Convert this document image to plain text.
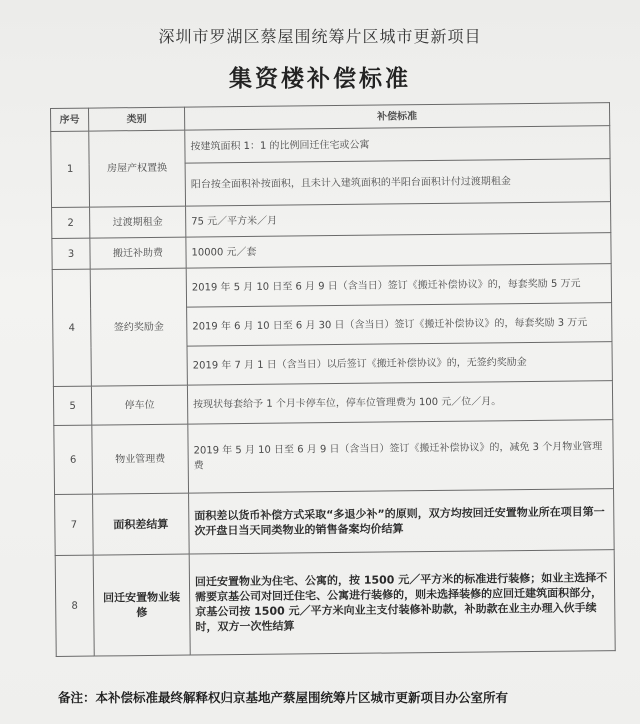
深圳市罗湖区蔡屋围统筹片区城市更新项目
集资楼补偿标准
序号	类别	补偿标准
1	房屋产权置换	按建筑面积 1：1 的比例回迁住宅或公寓
		阳台按全面积补按面积，且未计入建筑面积的半阳台面积计付过渡期租金
2	过渡期租金	75 元／平方米／月
3	搬迁补助费	10000 元／套
4	签约奖励金	2019 年 5 月 10 日至 6 月 9 日（含当日）签订《搬迁补偿协议》的，每套奖励 5 万元
		2019 年 6 月 10 日至 6 月 30 日（含当日）签订《搬迁补偿协议》的，每套奖励 3 万元
		2019 年 7 月 1 日（含当日）以后签订《搬迁补偿协议》的，无签约奖励金
5	停车位	按现状每套给予 1 个月卡停车位，停车位管理费为 100 元／位／月。
6	物业管理费	2019 年 5 月 10 日至 6 月 9 日（含当日）签订《搬迁补偿协议》的，减免 3 个月物业管理费
7	面积差结算	面积差以货币补偿方式采取“多退少补”的原则，双方均按回迁安置物业所在项目第一次开盘日当天同类物业的销售备案均价结算
8	回迁安置物业装修	回迁安置物业为住宅、公寓的，按 1500 元／平方米的标准进行装修；如业主选择不需要京基公司对回迁住宅、公寓进行装修的，则未选择装修的应回迁建筑面积部分，京基公司按 1500 元／平方米向业主支付装修补助款，补助款在业主办理入伙手续时，双方一次性结算
备注：本补偿标准最终解释权归京基地产蔡屋围统筹片区城市更新项目办公室所有
